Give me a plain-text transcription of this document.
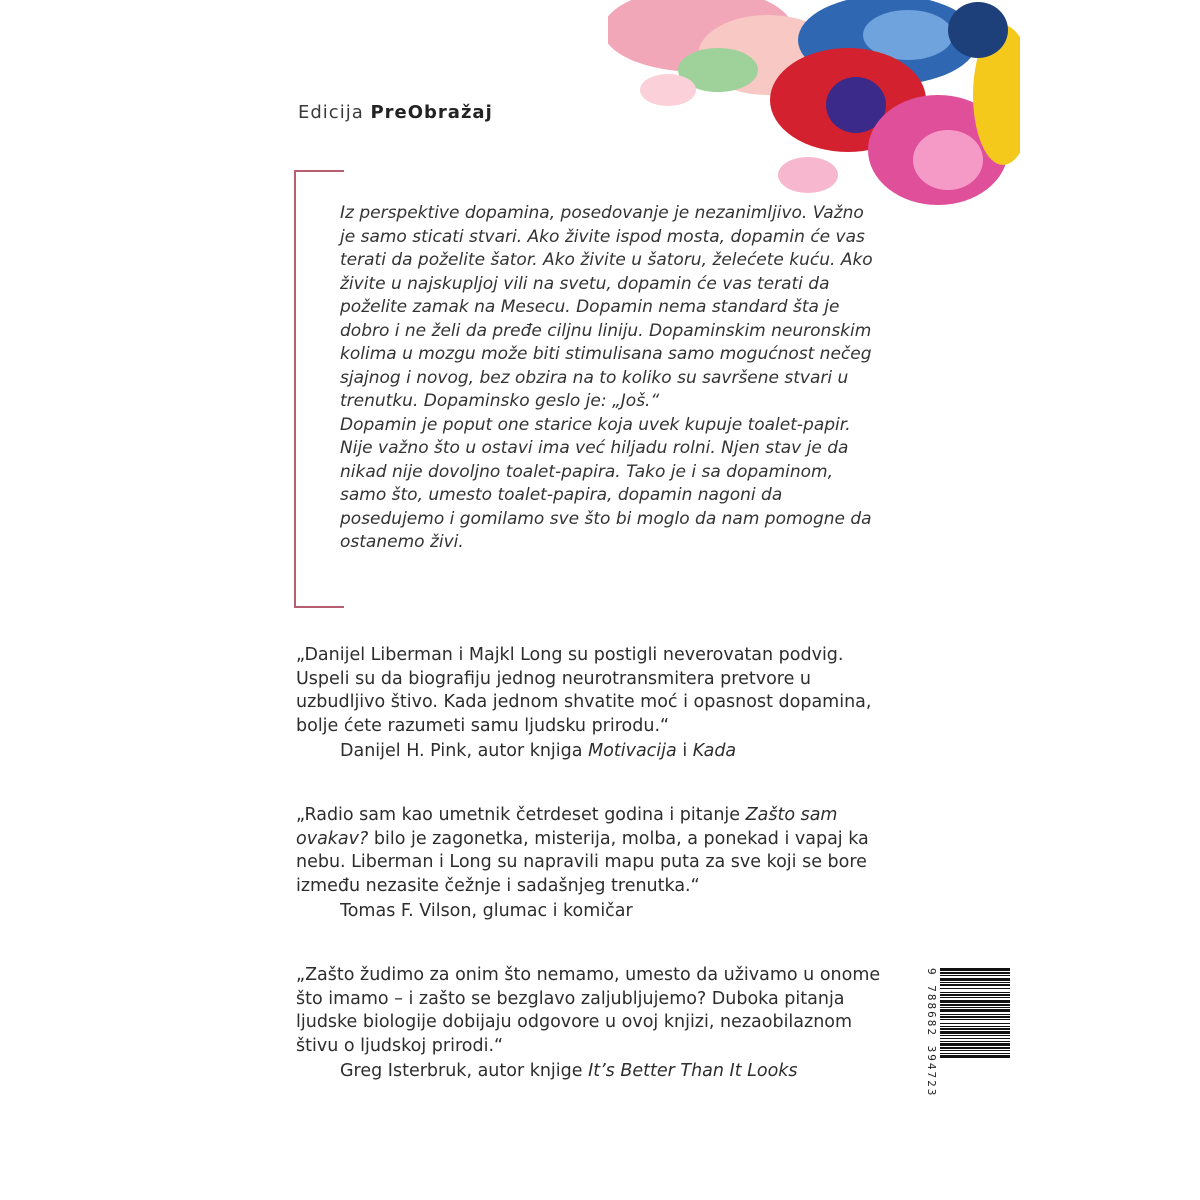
Edicija PreObražaj

Iz perspektive dopamina, posedovanje je nezanimljivo. Važno je samo sticati stvari. Ako živite ispod mosta, dopamin će vas terati da poželite šator. Ako živite u šatoru, želećete kuću. Ako živite u najskupljoj vili na svetu, dopamin će vas terati da poželite zamak na Mesecu. Dopamin nema standard šta je dobro i ne želi da pređe ciljnu liniju. Dopaminskim neuronskim kolima u mozgu može biti stimulisana samo mogućnost nečeg sjajnog i novog, bez obzira na to koliko su savršene stvari u trenutku. Dopaminsko geslo je: „Još.“

Dopamin je poput one starice koja uvek kupuje toalet-papir. Nije važno što u ostavi ima već hiljadu rolni. Njen stav je da nikad nije dovoljno toalet-papira. Tako je i sa dopaminom, samo što, umesto toalet-papira, dopamin nagoni da posedujemo i gomilamo sve što bi moglo da nam pomogne da ostanemo živi.

„Danijel Liberman i Majkl Long su postigli neverovatan podvig. Uspeli su da biografiju jednog neurotransmitera pretvore u uzbudljivo štivo. Kada jednom shvatite moć i opasnost dopamina, bolje ćete razumeti samu ljudsku prirodu.“

Danijel H. Pink, autor knjiga Motivacija i Kada

„Radio sam kao umetnik četrdeset godina i pitanje Zašto sam ovakav? bilo je zagonetka, misterija, molba, a ponekad i vapaj ka nebu. Liberman i Long su napravili mapu puta za sve koji se bore između nezasite čežnje i sadašnjeg trenutka.“

Tomas F. Vilson, glumac i komičar

„Zašto žudimo za onim što nemamo, umesto da uživamo u onome što imamo – i zašto se bezglavo zaljubljujemo? Duboka pitanja ljudske biologije dobijaju odgovore u ovoj knjizi, nezaobilaznom štivu o ljudskoj prirodi.“

Greg Isterbruk, autor knjige It’s Better Than It Looks	9 788682 394723
